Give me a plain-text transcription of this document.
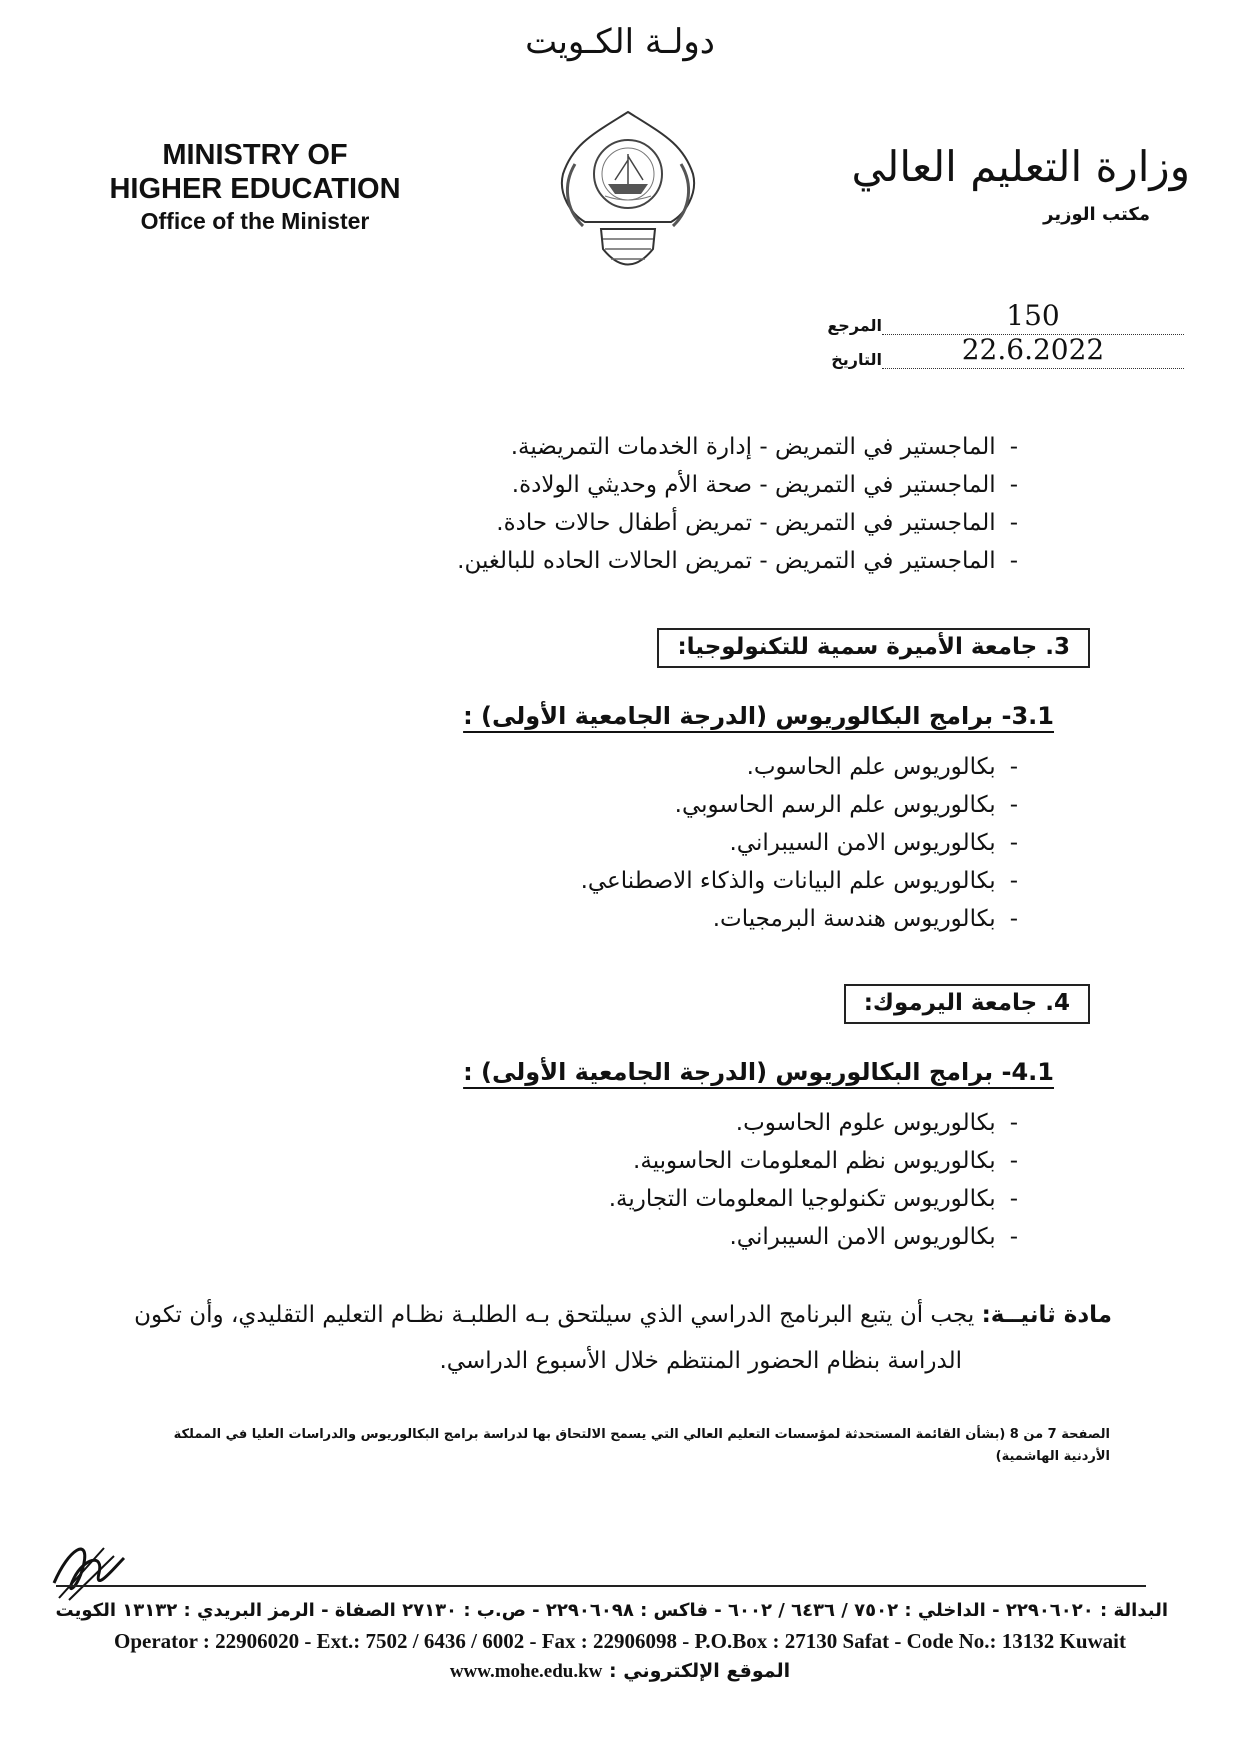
دولـة الكـويت
MINISTRY OF
HIGHER EDUCATION
Office of the Minister
وزارة التعليم العالي
مكتب الوزير
المرجع	150
التاريخ	22.6.2022
-الماجستير في التمريض - إدارة الخدمات التمريضية.
-الماجستير في التمريض - صحة الأم وحديثي الولادة.
-الماجستير في التمريض - تمريض أطفال حالات حادة.
-الماجستير في التمريض - تمريض الحالات الحاده للبالغين.
3. جامعة الأميرة سمية للتكنولوجيا:
3.1- برامج البكالوريوس (الدرجة الجامعية الأولى) :
-بكالوريوس علم الحاسوب.
-بكالوريوس علم الرسم الحاسوبي.
-بكالوريوس الامن السيبراني.
-بكالوريوس علم البيانات والذكاء الاصطناعي.
-بكالوريوس هندسة البرمجيات.
4. جامعة اليرموك:
4.1- برامج البكالوريوس (الدرجة الجامعية الأولى) :
-بكالوريوس علوم الحاسوب.
-بكالوريوس نظم المعلومات الحاسوبية.
-بكالوريوس تكنولوجيا المعلومات التجارية.
-بكالوريوس الامن السيبراني.
مادة ثانيــة: يجب أن يتبع البرنامج الدراسي الذي سيلتحق بـه الطلبـة نظـام التعليم التقليدي، وأن تكون
الدراسة بنظام الحضور المنتظم خلال الأسبوع الدراسي.
الصفحة 7 من 8 (بشأن القائمة المستحدثة لمؤسسات التعليم العالي التي يسمح الالتحاق بها لدراسة برامج البكالوريوس والدراسات العليا في المملكة الأردنية الهاشمية)
البدالة : ٢٢٩٠٦٠٢٠ - الداخلي : ٧٥٠٢ / ٦٤٣٦ / ٦٠٠٢ - فاكس : ٢٢٩٠٦٠٩٨ - ص.ب : ٢٧١٣٠ الصفاة - الرمز البريدي : ١٣١٣٢ الكويت
Operator : 22906020 - Ext.: 7502 / 6436 / 6002 - Fax : 22906098 - P.O.Box : 27130 Safat - Code No.: 13132 Kuwait
الموقع الإلكتروني : www.mohe.edu.kw
